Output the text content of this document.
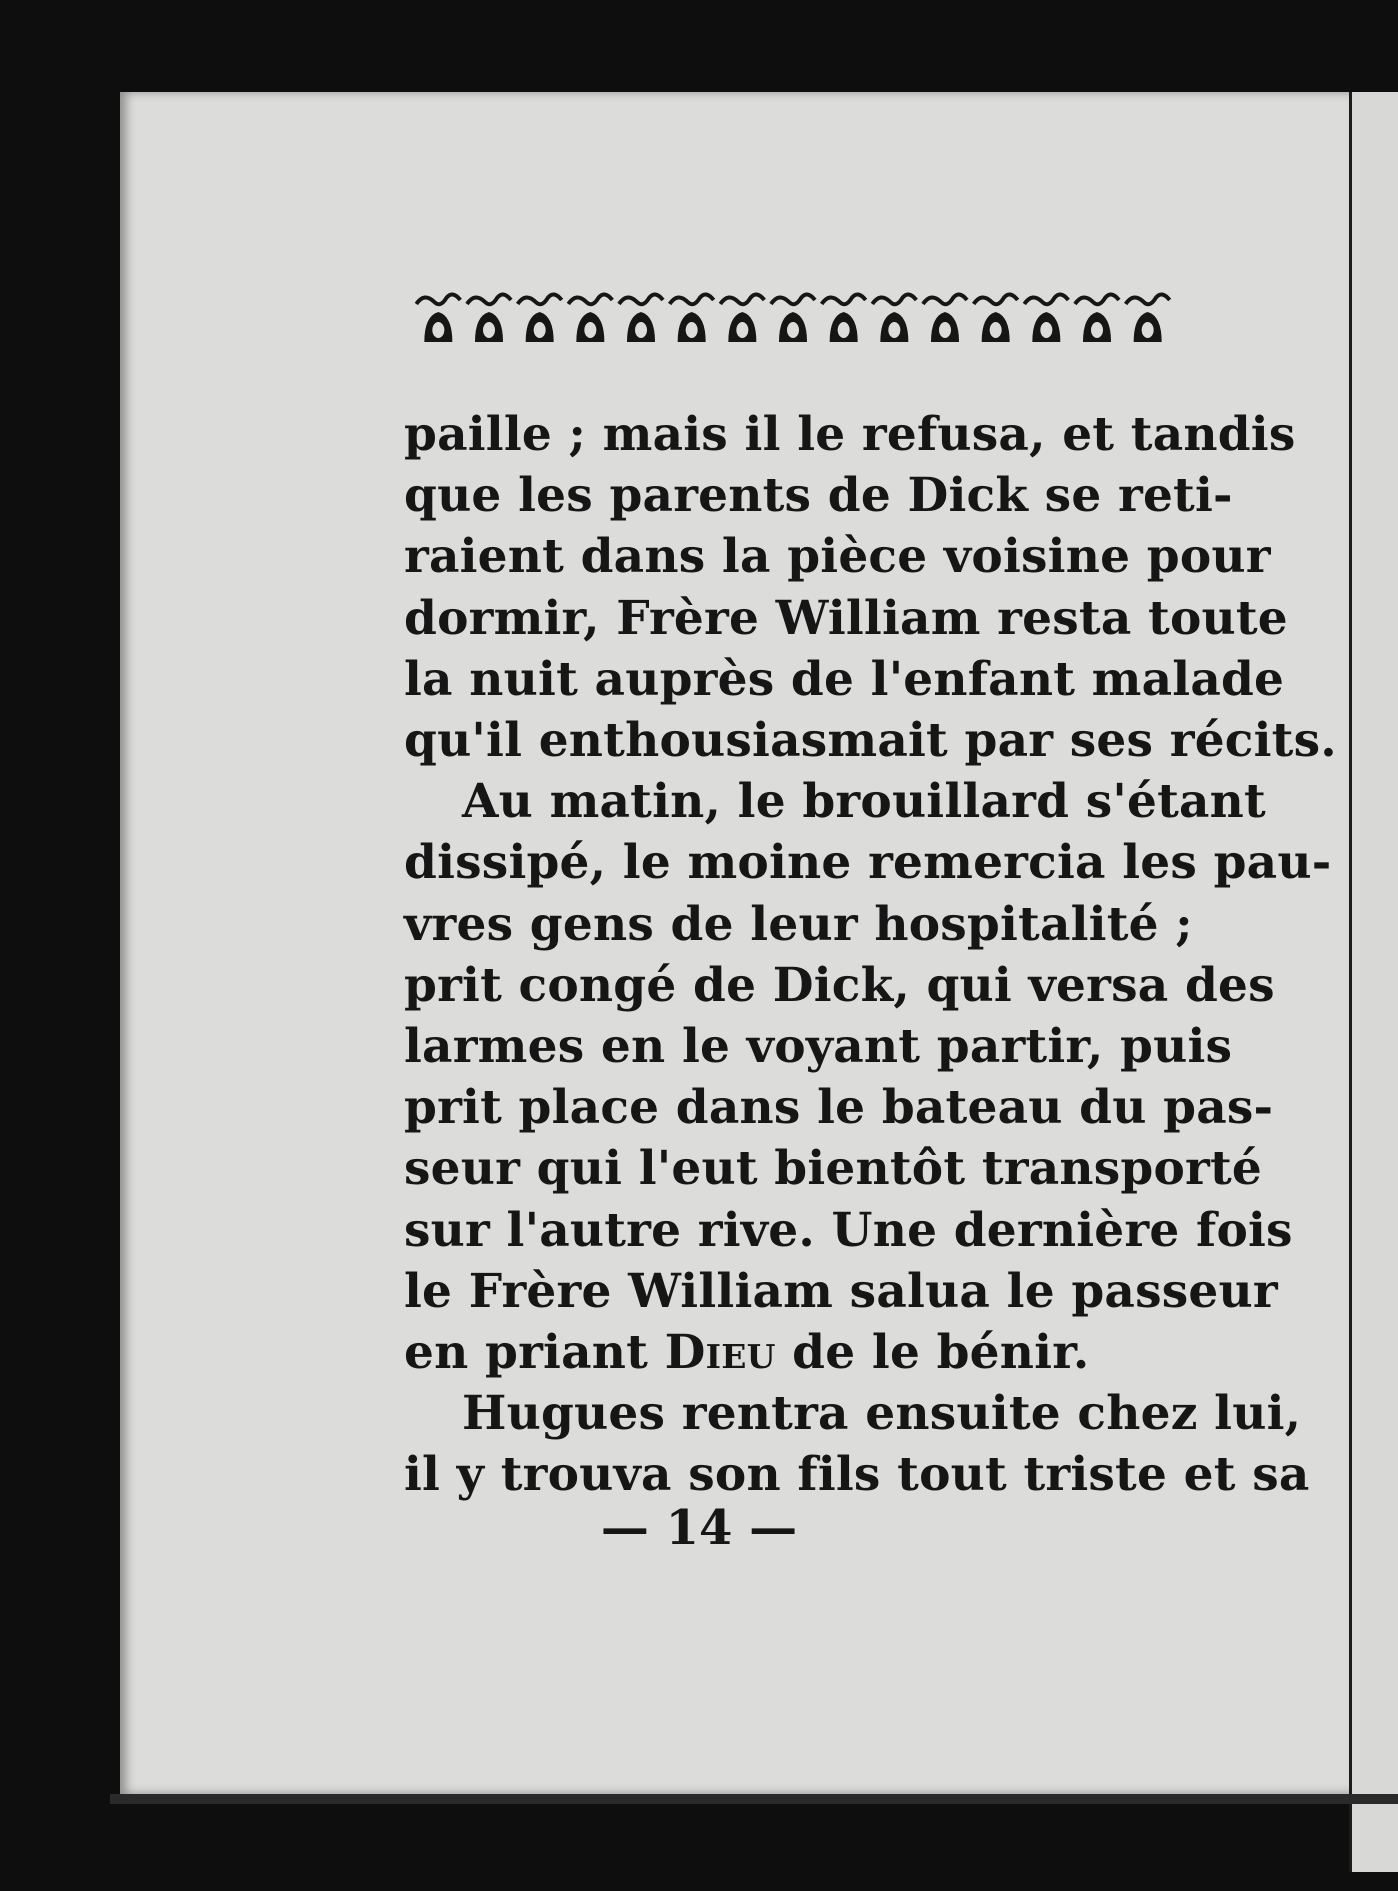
paille ; mais il le refusa, et tandis
que les parents de Dick se reti-
raient dans la pièce voisine pour
dormir, Frère William resta toute
la nuit auprès de l'enfant malade
qu'il enthousiasmait par ses récits.
Au matin, le brouillard s'étant
dissipé, le moine remercia les pau-
vres gens de leur hospitalité ;
prit congé de Dick, qui versa des
larmes en le voyant partir, puis
prit place dans le bateau du pas-
seur qui l'eut bientôt transporté
sur l'autre rive. Une dernière fois
le Frère William salua le passeur
en priant Dieu de le bénir.
Hugues rentra ensuite chez lui,
il y trouva son fils tout triste et sa
— 14 —
